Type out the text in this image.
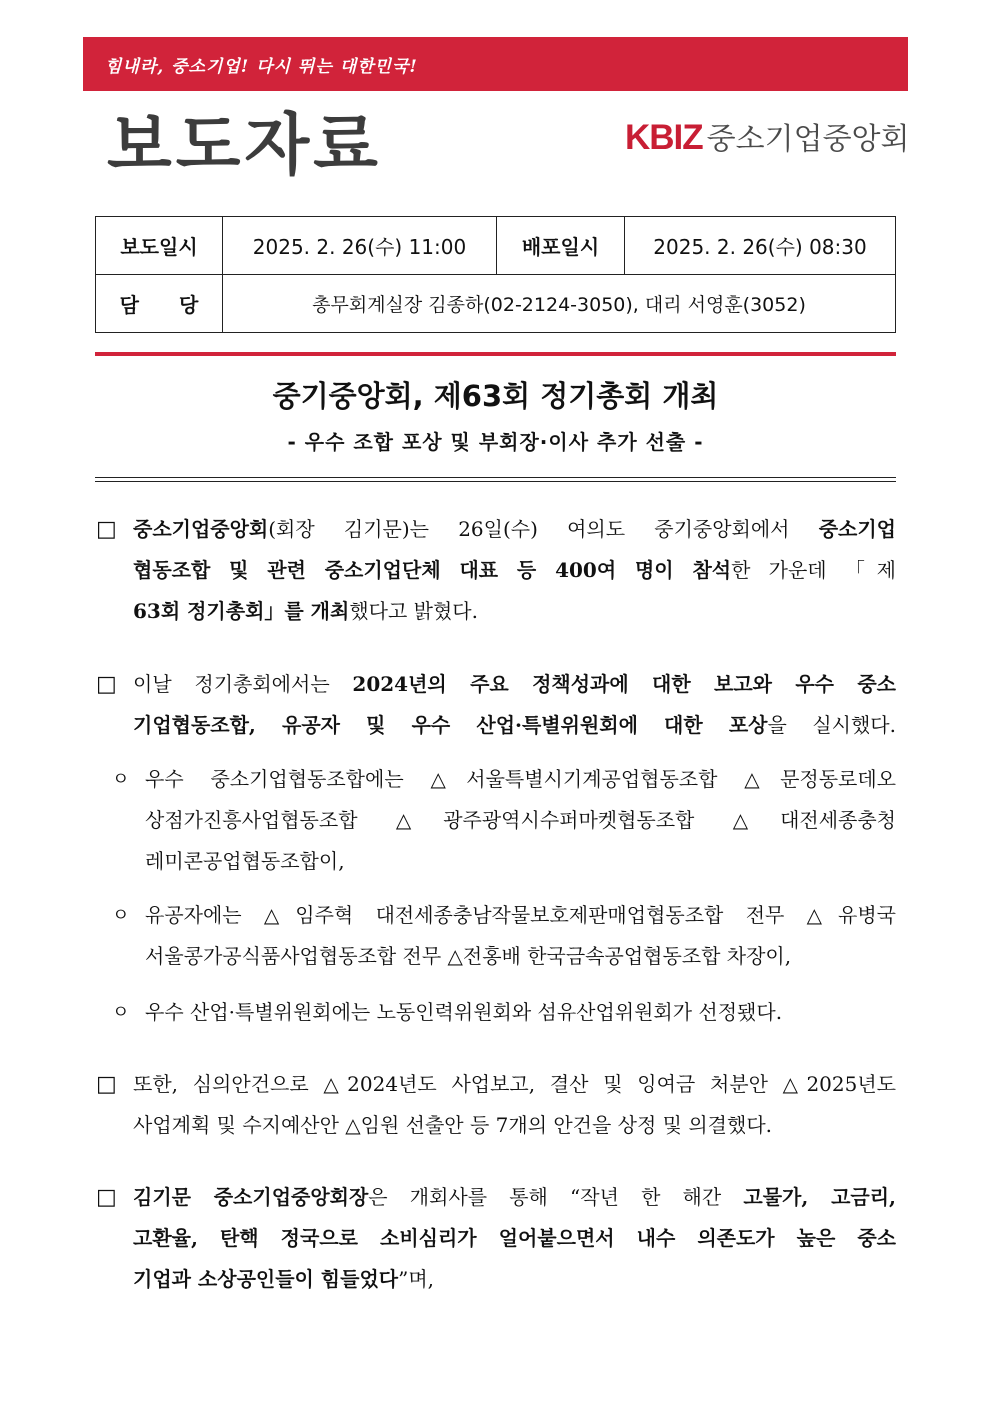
힘내라, 중소기업! 다시 뛰는 대한민국!
보도자료	KBIZ 중소기업중앙회
보도일시	2025. 2. 26(수) 11:00	배포일시	2025. 2. 26(수) 08:30
담　　당	총무회계실장 김종하(02-2124-3050), 대리 서영훈(3052)
중기중앙회, 제63회 정기총회 개최
- 우수 조합 포상 및 부회장·이사 추가 선출 -
□ 중소기업중앙회(회장 김기문)는 26일(수) 여의도 중기중앙회에서 중소기업
협동조합 및 관련 중소기업단체 대표 등 400여 명이 참석한 가운데 「제
63회 정기총회」를 개최했다고 밝혔다.
□ 이날 정기총회에서는 2024년의 주요 정책성과에 대한 보고와 우수 중소
기업협동조합, 유공자 및 우수 산업·특별위원회에 대한 포상을 실시했다.
ㅇ 우수 중소기업협동조합에는 △서울특별시기계공업협동조합 △문정동로데오
상점가진흥사업협동조합 △광주광역시수퍼마켓협동조합 △대전세종충청
레미콘공업협동조합이,
ㅇ 유공자에는 △임주혁 대전세종충남작물보호제판매업협동조합 전무 △유병국
서울콩가공식품사업협동조합 전무 △전홍배 한국금속공업협동조합 차장이,
ㅇ 우수 산업·특별위원회에는 노동인력위원회와 섬유산업위원회가 선정됐다.
□ 또한, 심의안건으로 △2024년도 사업보고, 결산 및 잉여금 처분안 △2025년도
사업계획 및 수지예산안 △임원 선출안 등 7개의 안건을 상정 및 의결했다.
□ 김기문 중소기업중앙회장은 개회사를 통해 “작년 한 해간 고물가, 고금리,
고환율, 탄핵 정국으로 소비심리가 얼어붙으면서 내수 의존도가 높은 중소
기업과 소상공인들이 힘들었다”며,
